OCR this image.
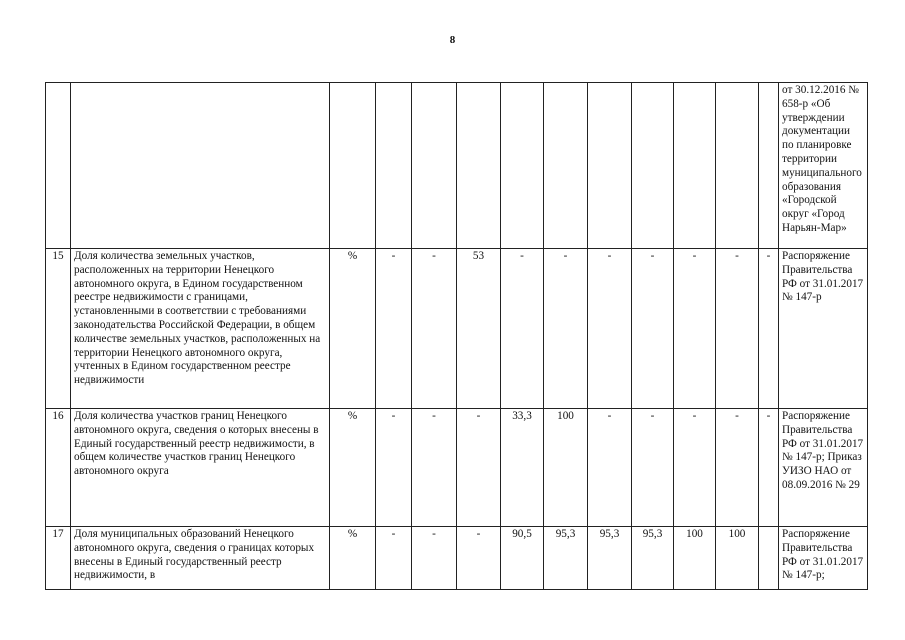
8
													от 30.12.2016 № 658-р «Об утверждении документации по планировке территории муниципального образования «Городской округ «Город Нарьян-Мар»
15	Доля количества земельных участков, расположенных на территории Ненецкого автономного округа, в Едином государственном реестре недвижимости с границами, установленными в соответствии с требованиями законодательства Российской Федерации, в общем количестве земельных участков, расположенных на территории Ненецкого автономного округа, учтенных в Едином государственном реестре недвижимости	%	-	-	53	-	-	-	-	-	-	-	Распоряжение Правительства РФ от 31.01.2017 № 147-р
16	Доля количества участков границ Ненецкого автономного округа, сведения о которых внесены в Единый государственный реестр недвижимости, в общем количестве участков границ Ненецкого автономного округа	%	-	-	-	33,3	100	-	-	-	-	-	Распоряжение Правительства РФ от 31.01.2017 № 147-р; Приказ УИЗО НАО от 08.09.2016 № 29
17	Доля муниципальных образований Ненецкого автономного округа, сведения о границах которых внесены в Единый государственный реестр недвижимости, в	%	-	-	-	90,5	95,3	95,3	95,3	100	100		Распоряжение Правительства РФ от 31.01.2017 № 147-р;
